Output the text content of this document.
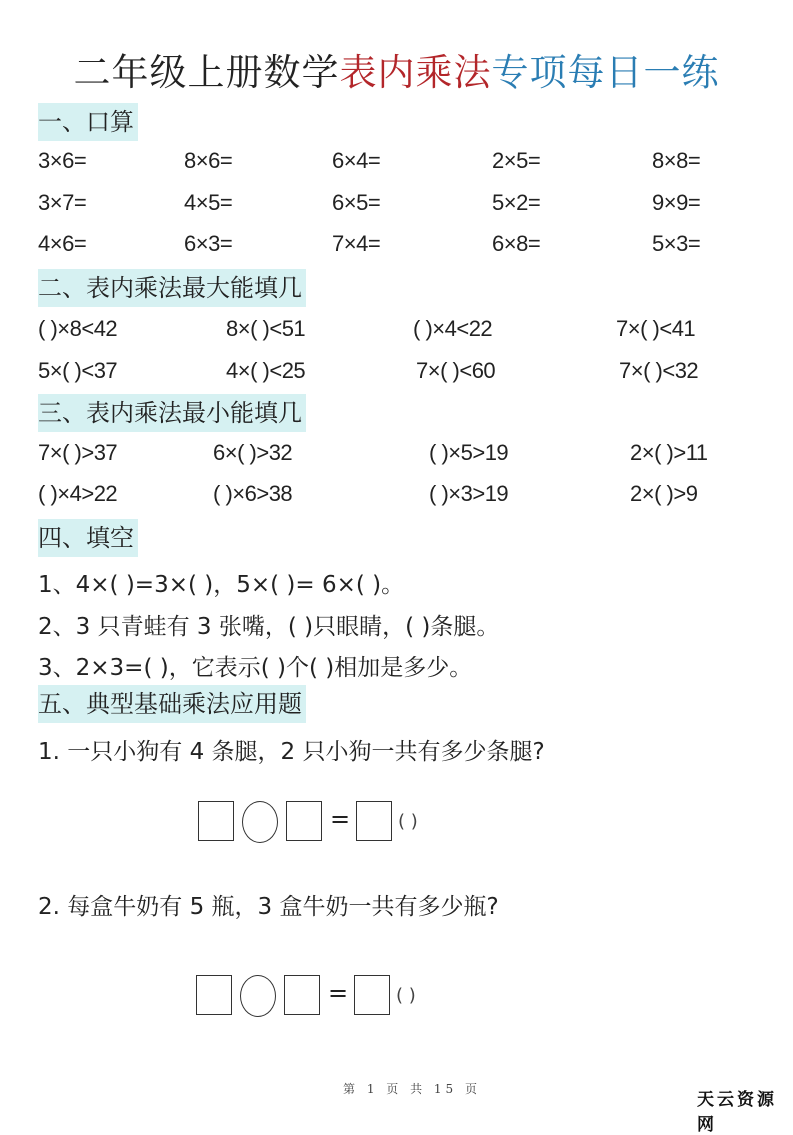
二年级上册数学表内乘法专项每日一练
一、口算
3×6=	8×6=	6×4=	2×5=	8×8=
3×7=	4×5=	6×5=	5×2=	9×9=
4×6=	6×3=	7×4=	6×8=	5×3=
二、表内乘法最大能填几
( )×8<42	8×( )<51	( )×4<22	7×( )<41
5×( )<37	4×( )<25	7×( )<60	7×( )<32
三、表内乘法最小能填几
7×( )>37	6×( )>32	( )×5>19	2×( )>11
( )×4>22	( )×6>38	( )×3>19	2×( )>9
四、填空
1、4×( )=3×( )，5×( )= 6×( )。
2、3 只青蛙有 3 张嘴，( )只眼睛，( )条腿。
3、2×3=( )，它表示( )个( )相加是多少。
五、典型基础乘法应用题
1. 一只小狗有 4 条腿，2 只小狗一共有多少条腿?
=	( )
2. 每盒牛奶有 5 瓶，3 盒牛奶一共有多少瓶?
=	( )
第 1 页 共 15 页
天云资源网
